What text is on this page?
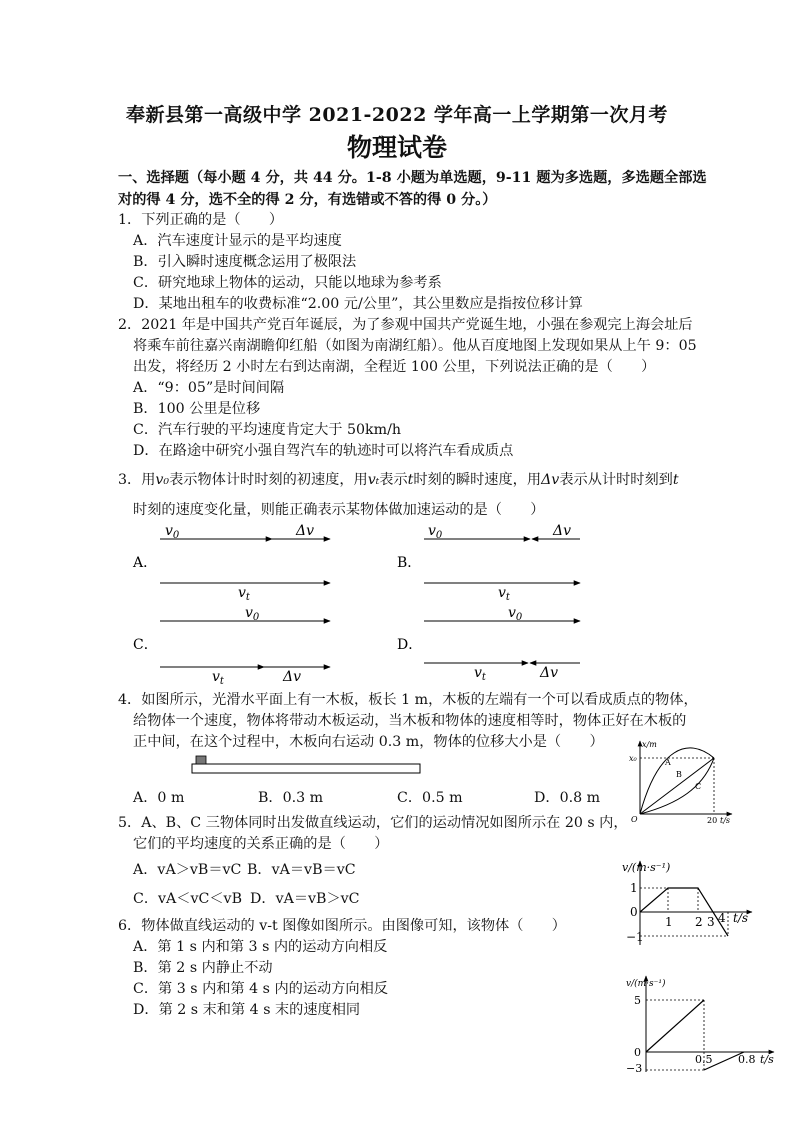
奉新县第一高级中学 2021-2022 学年高一上学期第一次月考
物理试卷
一、选择题（每小题 4 分，共 44 分。1-8 小题为单选题，9-11 题为多选题，多选题全部选
对的得 4 分，选不全的得 2 分，有选错或不答的得 0 分。）
1．下列正确的是（　　）
A．汽车速度计显示的是平均速度
B．引入瞬时速度概念运用了极限法
C．研究地球上物体的运动，只能以地球为参考系
D．某地出租车的收费标准“2.00 元/公里”，其公里数应是指按位移计算
2．2021 年是中国共产党百年诞辰，为了参观中国共产党诞生地，小强在参观完上海会址后
将乘车前往嘉兴南湖瞻仰红船（如图为南湖红船）。他从百度地图上发现如果从上午 9：05
出发，将经历 2 小时左右到达南湖，全程近 100 公里，下列说法正确的是（　　）
A．“9：05”是时间间隔
B．100 公里是位移
C．汽车行驶的平均速度肯定大于 50km/h
D．在路途中研究小强自驾汽车的轨迹时可以将汽车看成质点
3．用v₀表示物体计时时刻的初速度，用vₜ表示t时刻的瞬时速度，用Δv表示从计时时刻到t
时刻的速度变化量，则能正确表示某物体做加速运动的是（　　）
A．
$v_0$	Δv
$v_t$
B．
$v_0$	Δv
$v_t$
C．
$v_0$
$v_t$	Δv
D．
$v_0$
$v_t$	Δv
4．如图所示，光滑水平面上有一木板，板长 1 m，木板的左端有一个可以看成质点的物体，
给物体一个速度，物体将带动木板运动，当木板和物体的速度相等时，物体正好在木板的
正中间，在这个过程中，木板向右运动 0.3 m，物体的位移大小是（　　）
A．0 m	B．0.3 m	C．0.5 m	D．0.8 m
x/m
x₀
O	20 t/s
A
B
C
5．A、B、C 三物体同时出发做直线运动，它们的运动情况如图所示在 20 s 内，
它们的平均速度的关系正确的是（　　）
A．vA＞vB＝vC B．vA＝vB＝vC
C．vA＜vC＜vB D．vA＝vB＞vC
v/(m·s⁻¹)
1
0
−1
1 2 3 4 t/s
6．物体做直线运动的 v-t 图像如图所示。由图像可知，该物体（　　）
A．第 1 s 内和第 3 s 内的运动方向相反
B．第 2 s 内静止不动
C．第 3 s 内和第 4 s 内的运动方向相反
D．第 2 s 末和第 4 s 末的速度相同
v/(m·s⁻¹)
5
0
−3
0.5 0.8 t/s
